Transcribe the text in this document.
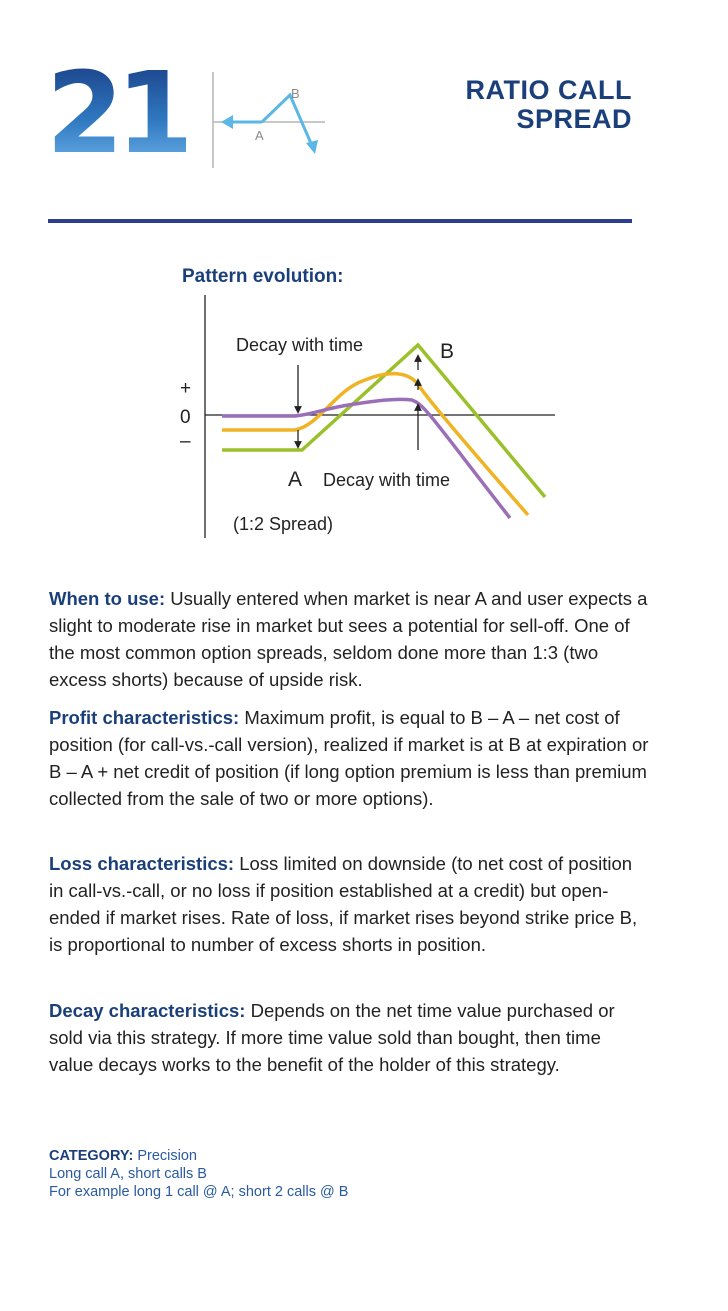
21	B
A
RATIO CALL
SPREAD
Pattern evolution:
+
0
–
Decay with time	B
A Decay with time
(1:2 Spread)
When to use: Usually entered when market is near A and user expects a slight to moderate rise in market but sees a potential for sell-off. One of the most common option spreads, seldom done more than 1:3 (two excess shorts) because of upside risk.
Profit characteristics: Maximum profit, is equal to B – A – net cost of position (for call-vs.-call version), realized if market is at B at expiration or B – A + net credit of position (if long option premium is less than premium collected from the sale of two or more options).
Loss characteristics: Loss limited on downside (to net cost of position in call-vs.-call, or no loss if position established at a credit) but open-ended if market rises. Rate of loss, if market rises beyond strike price B, is proportional to number of excess shorts in position.
Decay characteristics: Depends on the net time value purchased or sold via this strategy. If more time value sold than bought, then time value decays works to the benefit of the holder of this strategy.
CATEGORY: Precision
Long call A, short calls B
For example long 1 call @ A; short 2 calls @ B
